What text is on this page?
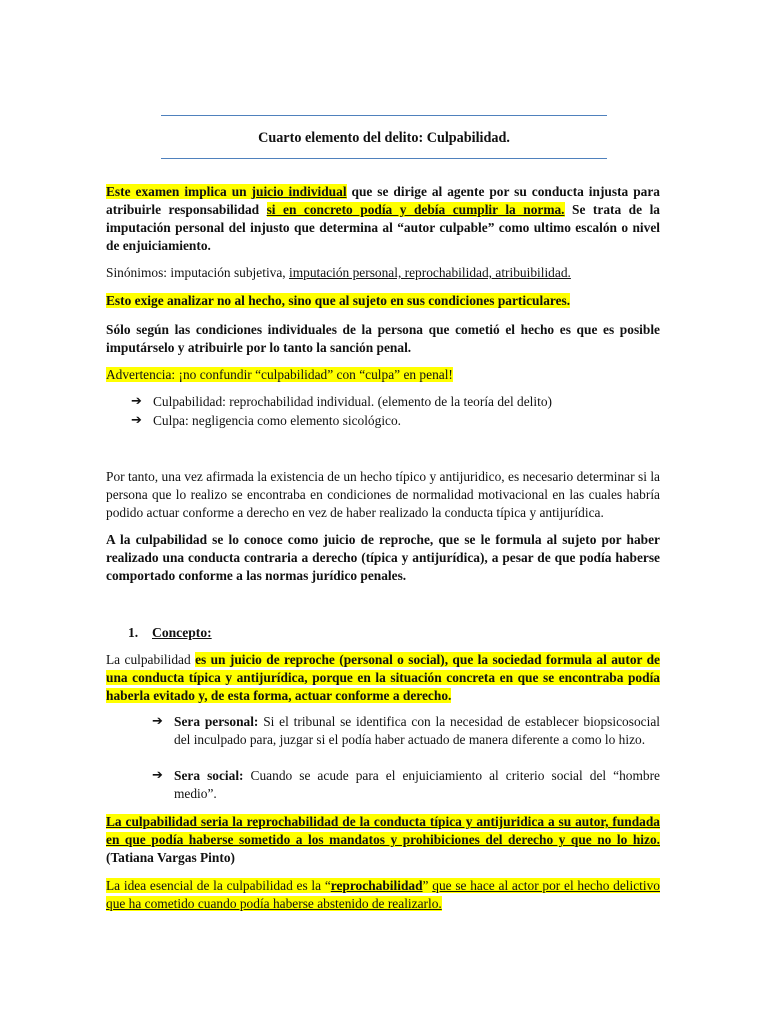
Cuarto elemento del delito: Culpabilidad.

Este examen implica un juicio individual que se dirige al agente por su conducta injusta para atribuirle responsabilidad si en concreto podía y debía cumplir la norma. Se trata de la imputación personal del injusto que determina al “autor culpable” como ultimo escalón o nivel de enjuiciamiento.

Sinónimos: imputación subjetiva, imputación personal, reprochabilidad, atribuibilidad.

Esto exige analizar no al hecho, sino que al sujeto en sus condiciones particulares.

Sólo según las condiciones individuales de la persona que cometió el hecho es que es posible imputárselo y atribuirle por lo tanto la sanción penal.

Advertencia: ¡no confundir “culpabilidad” con “culpa” en penal!

➔ Culpabilidad: reprochabilidad individual. (elemento de la teoría del delito)
➔ Culpa: negligencia como elemento sicológico.

Por tanto, una vez afirmada la existencia de un hecho típico y antijuridico, es necesario determinar si la persona que lo realizo se encontraba en condiciones de normalidad motivacional en las cuales habría podido actuar conforme a derecho en vez de haber realizado la conducta típica y antijurídica.

A la culpabilidad se lo conoce como juicio de reproche, que se le formula al sujeto por haber realizado una conducta contraria a derecho (típica y antijurídica), a pesar de que podía haberse comportado conforme a las normas jurídico penales.

1. Concepto:

La culpabilidad es un juicio de reproche (personal o social), que la sociedad formula al autor de una conducta típica y antijurídica, porque en la situación concreta en que se encontraba podía haberla evitado y, de esta forma, actuar conforme a derecho.

➔ Sera personal: Si el tribunal se identifica con la necesidad de establecer biopsicosocial del inculpado para, juzgar si el podía haber actuado de manera diferente a como lo hizo.
➔ Sera social: Cuando se acude para el enjuiciamiento al criterio social del “hombre medio”.

La culpabilidad seria la reprochabilidad de la conducta típica y antijuridica a su autor, fundada en que podía haberse sometido a los mandatos y prohibiciones del derecho y que no lo hizo. (Tatiana Vargas Pinto)

La idea esencial de la culpabilidad es la “reprochabilidad” que se hace al actor por el hecho delictivo que ha cometido cuando podía haberse abstenido de realizarlo.
